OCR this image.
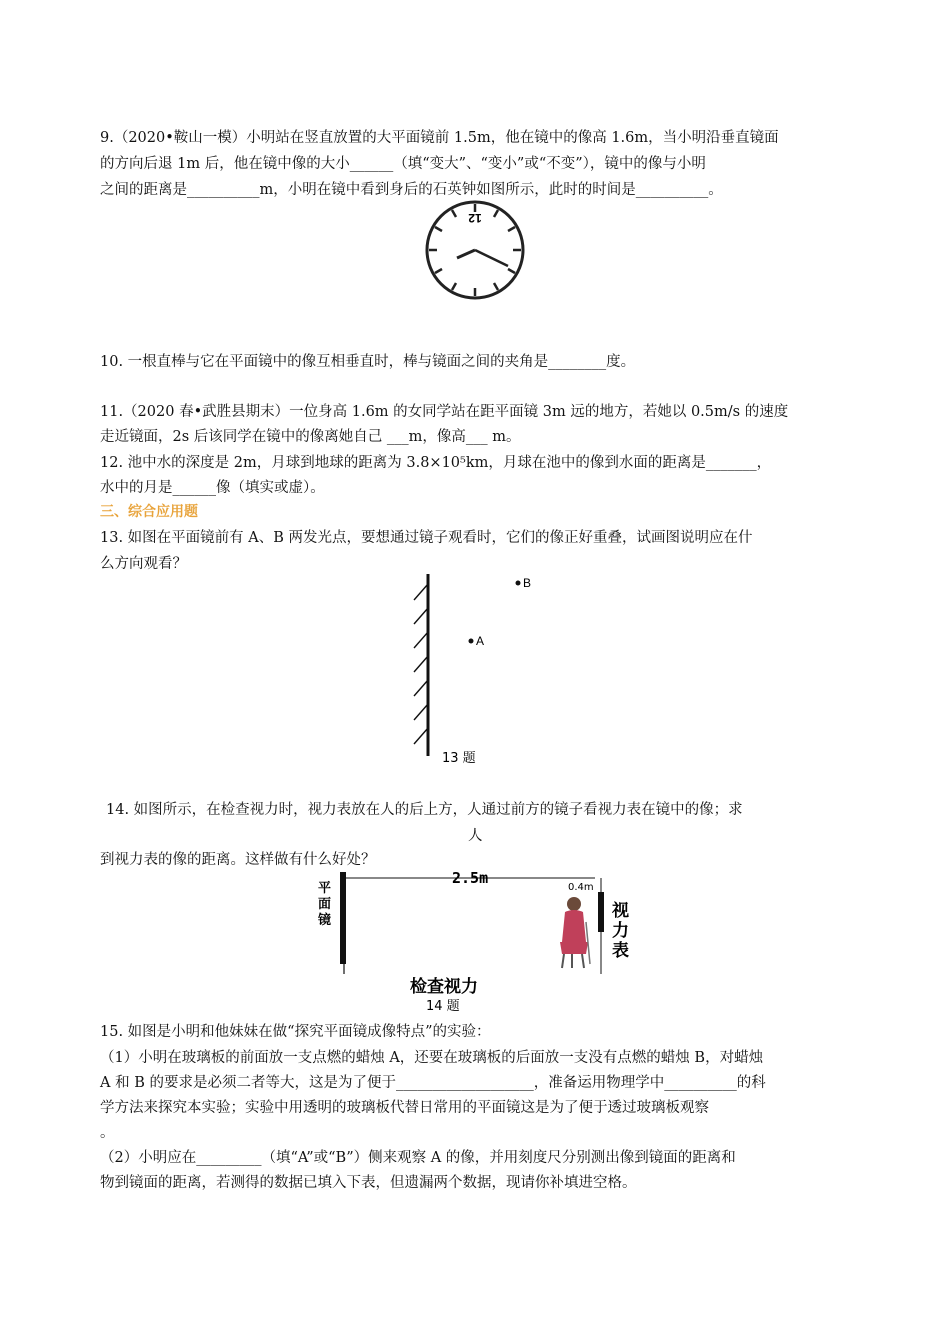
9.（2020•鞍山一模）小明站在竖直放置的大平面镜前 1.5m，他在镜中的像高 1.6m，当小明沿垂直镜面
的方向后退 1m 后，他在镜中像的大小______（填“变大”、“变小”或“不变”），镜中的像与小明
之间的距离是__________m，小明在镜中看到身后的石英钟如图所示，此时的时间是__________。
12
10. 一根直棒与它在平面镜中的像互相垂直时，棒与镜面之间的夹角是________度。
11.（2020 春•武胜县期末）一位身高 1.6m 的女同学站在距平面镜 3m 远的地方，若她以 0.5m/s 的速度
走近镜面，2s 后该同学在镜中的像离她自己 ___m，像高___ m。
12. 池中水的深度是 2m，月球到地球的距离为 3.8×10⁵km，月球在池中的像到水面的距离是_______，
水中的月是______像（填实或虚）。
三、综合应用题
13. 如图在平面镜前有 A、B 两发光点，要想通过镜子观看时，它们的像正好重叠，试画图说明应在什
么方向观看？
B
A
13 题
14. 如图所示，在检查视力时，视力表放在人的后上方，人通过前方的镜子看视力表在镜中的像；求
人
到视力表的像的距离。这样做有什么好处？
平
面
镜
2.5m
0.4m
视
力
表
检查视力
14 题
15. 如图是小明和他妹妹在做“探究平面镜成像特点”的实验：
（1）小明在玻璃板的前面放一支点燃的蜡烛 A，还要在玻璃板的后面放一支没有点燃的蜡烛 B，对蜡烛
A 和 B 的要求是必须二者等大，这是为了便于___________________，准备运用物理学中__________的科
学方法来探究本实验；实验中用透明的玻璃板代替日常用的平面镜这是为了便于透过玻璃板观察
。
（2）小明应在_________（填“A”或“B”）侧来观察 A 的像，并用刻度尺分别测出像到镜面的距离和
物到镜面的距离，若测得的数据已填入下表，但遗漏两个数据，现请你补填进空格。
